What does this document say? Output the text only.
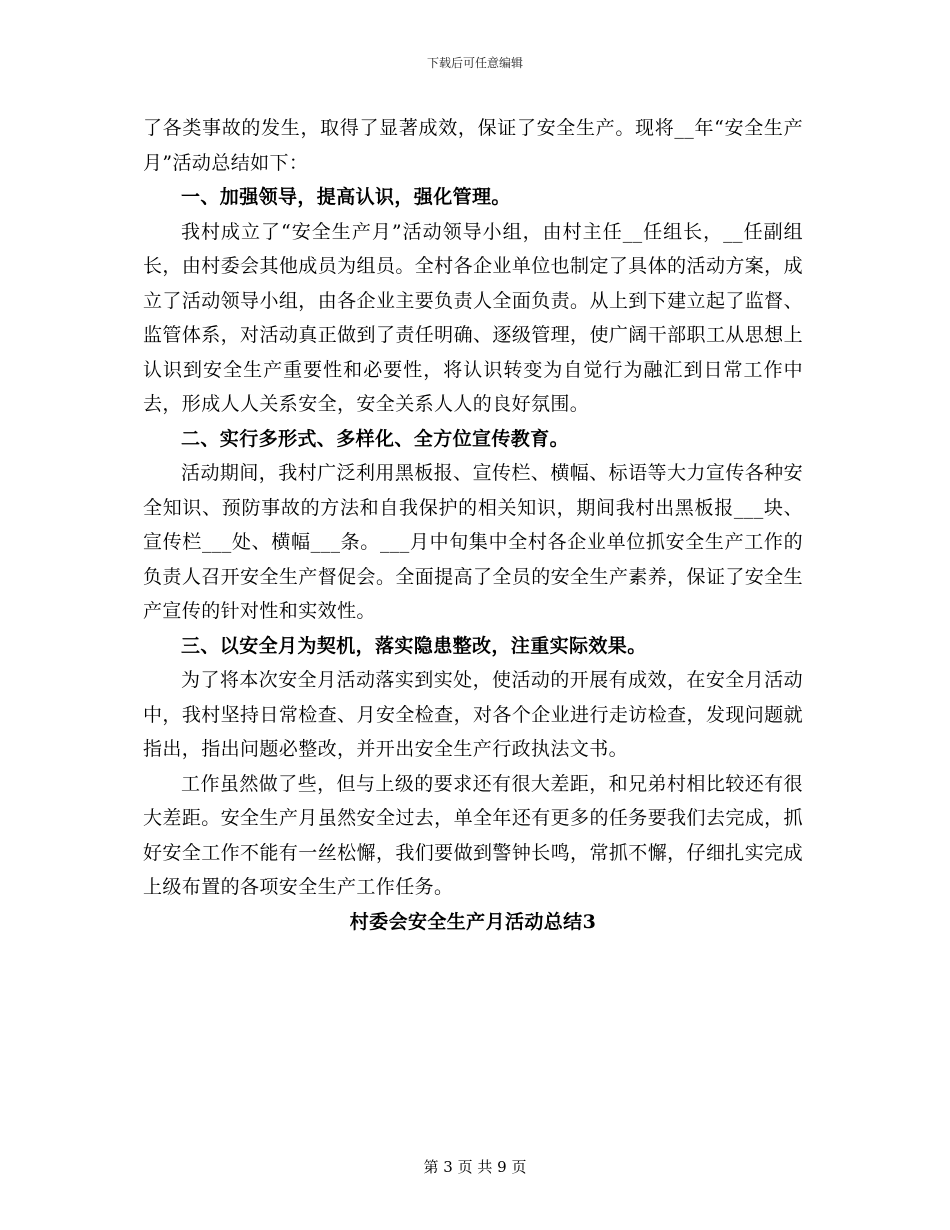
下载后可任意编辑

了各类事故的发生，取得了显著成效，保证了安全生产。现将__年“安全生产月”活动总结如下：

一、加强领导，提高认识，强化管理。

我村成立了“安全生产月”活动领导小组，由村主任__任组长，__任副组长，由村委会其他成员为组员。全村各企业单位也制定了具体的活动方案，成立了活动领导小组，由各企业主要负责人全面负责。从上到下建立起了监督、监管体系，对活动真正做到了责任明确、逐级管理，使广阔干部职工从思想上认识到安全生产重要性和必要性，将认识转变为自觉行为融汇到日常工作中去，形成人人关系安全，安全关系人人的良好氛围。

二、实行多形式、多样化、全方位宣传教育。

活动期间，我村广泛利用黑板报、宣传栏、横幅、标语等大力宣传各种安全知识、预防事故的方法和自我保护的相关知识，期间我村出黑板报___块、宣传栏___处、横幅___条。___月中旬集中全村各企业单位抓安全生产工作的负责人召开安全生产督促会。全面提高了全员的安全生产素养，保证了安全生产宣传的针对性和实效性。

三、以安全月为契机，落实隐患整改，注重实际效果。

为了将本次安全月活动落实到实处，使活动的开展有成效，在安全月活动中，我村坚持日常检查、月安全检查，对各个企业进行走访检查，发现问题就指出，指出问题必整改，并开出安全生产行政执法文书。

工作虽然做了些，但与上级的要求还有很大差距，和兄弟村相比较还有很大差距。安全生产月虽然安全过去，单全年还有更多的任务要我们去完成，抓好安全工作不能有一丝松懈，我们要做到警钟长鸣，常抓不懈，仔细扎实完成上级布置的各项安全生产工作任务。

村委会安全生产月活动总结3

第 3 页 共 9 页
